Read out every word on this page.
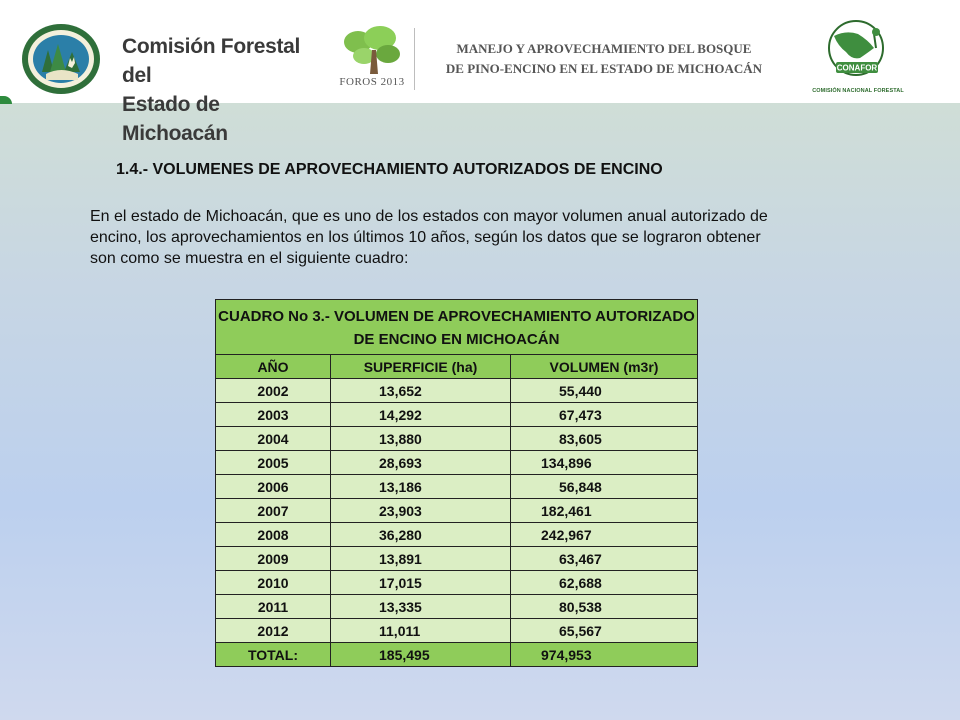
Comisión Forestal del
Estado de Michoacán
FOROS 2013
MANEJO Y APROVECHAMIENTO DEL BOSQUE
DE PINO-ENCINO EN EL ESTADO DE MICHOACÁN	CONAFOR
COMISIÓN NACIONAL FORESTAL
1.4.- VOLUMENES DE APROVECHAMIENTO AUTORIZADOS DE ENCINO
En el estado de Michoacán, que es uno de los estados con mayor volumen anual autorizado de encino, los aprovechamientos en los últimos 10 años, según los datos que se lograron obtener son como se muestra en el siguiente cuadro:
CUADRO No 3.- VOLUMEN DE APROVECHAMIENTO AUTORIZADO DE ENCINO EN MICHOACÁN		
AÑO	SUPERFICIE (ha)	VOLUMEN (m3r)
2002	13,652	55,440
2003	14,292	67,473
2004	13,880	83,605
2005	28,693	134,896
2006	13,186	56,848
2007	23,903	182,461
2008	36,280	242,967
2009	13,891	63,467
2010	17,015	62,688
2011	13,335	80,538
2012	11,011	65,567
TOTAL:	185,495	974,953
